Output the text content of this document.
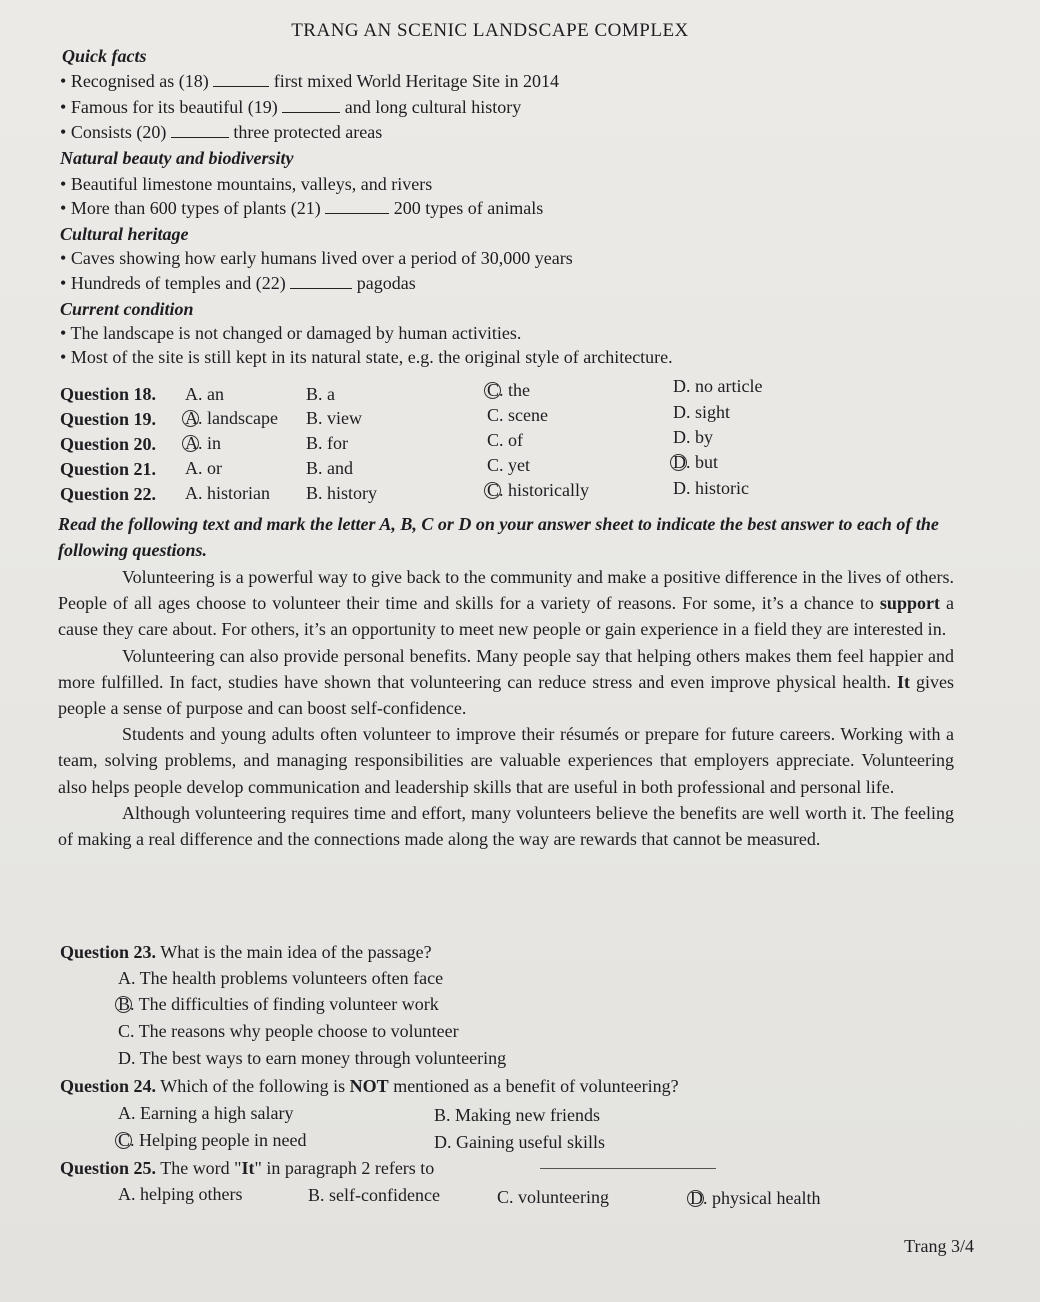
TRANG AN SCENIC LANDSCAPE COMPLEX
Quick facts
• Recognised as (18)	first mixed World Heritage Site in 2014
• Famous for its beautiful (19)	and long cultural history
• Consists (20)	three protected areas
Natural beauty and biodiversity
• Beautiful limestone mountains, valleys, and rivers
• More than 600 types of plants (21)	200 types of animals
Cultural heritage
• Caves showing how early humans lived over a period of 30,000 years
• Hundreds of temples and (22)	pagodas
Current condition
• The landscape is not changed or damaged by human activities.
• Most of the site is still kept in its natural state, e.g. the original style of architecture.
Question 18. A. an	B. a	C. the	D. no article
Question 19. A. landscape B. view	C. scene	D. sight
Question 20. A. in	B. for	C. of	D. by
Question 21. A. or	B. and	C. yet	D. but
Question 22. A. historian B. history	C. historically	D. historic
Read the following text and mark the letter A, B, C or D on your answer sheet to indicate the best answer to each of the following questions.

Volunteering is a powerful way to give back to the community and make a positive difference in the lives of others. People of all ages choose to volunteer their time and skills for a variety of reasons. For some, it’s a chance to support a cause they care about. For others, it’s an opportunity to meet new people or gain experience in a field they are interested in.

Volunteering can also provide personal benefits. Many people say that helping others makes them feel happier and more fulfilled. In fact, studies have shown that volunteering can reduce stress and even improve physical health. It gives people a sense of purpose and can boost self-confidence.

Students and young adults often volunteer to improve their résumés or prepare for future careers. Working with a team, solving problems, and managing responsibilities are valuable experiences that employers appreciate. Volunteering also helps people develop communication and leadership skills that are useful in both professional and personal life.

Although volunteering requires time and effort, many volunteers believe the benefits are well worth it. The feeling of making a real difference and the connections made along the way are rewards that cannot be measured.

Question 23. What is the main idea of the passage?
A. The health problems volunteers often face
B. The difficulties of finding volunteer work
C. The reasons why people choose to volunteer
D. The best ways to earn money through volunteering
Question 24. Which of the following is NOT mentioned as a benefit of volunteering?
A. Earning a high salary	B. Making new friends
C. Helping people in need	D. Gaining useful skills
Question 25. The word "It" in paragraph 2 refers to
A. helping others	B. self-confidence	C. volunteering	D. physical health
Trang 3/4
